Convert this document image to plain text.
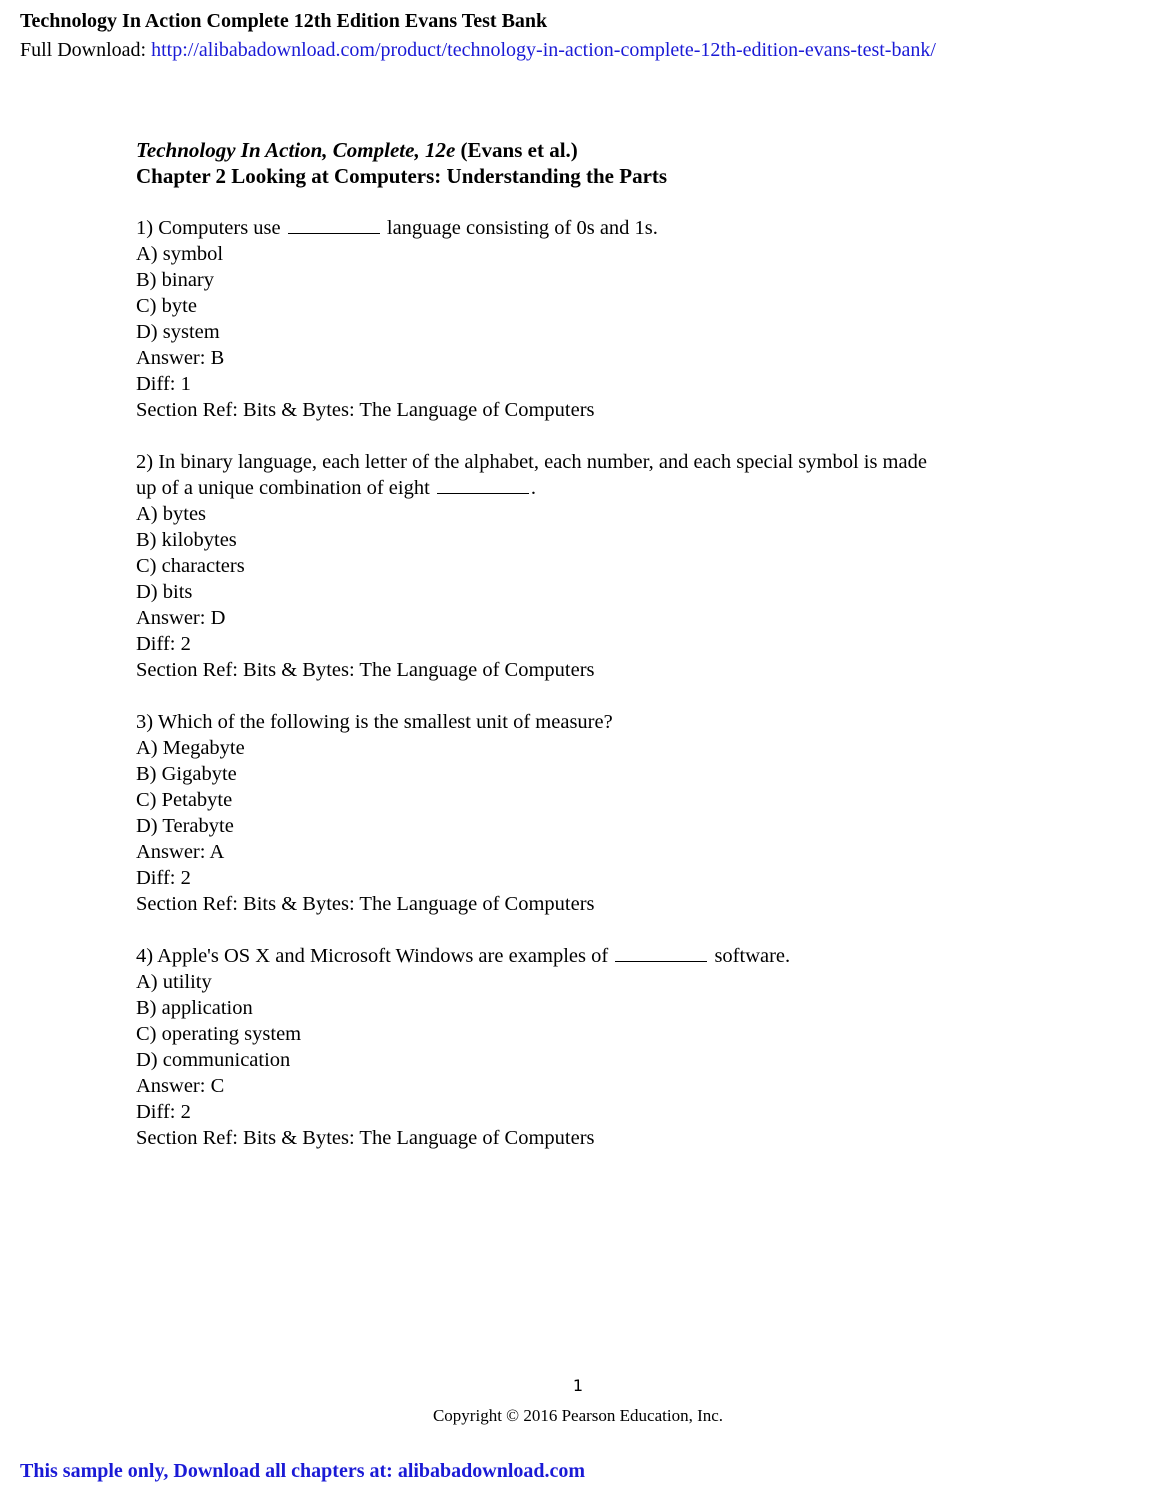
Technology In Action Complete 12th Edition Evans Test Bank
Full Download: http://alibabadownload.com/product/technology-in-action-complete-12th-edition-evans-test-bank/
Technology In Action, Complete, 12e (Evans et al.)
Chapter 2 Looking at Computers: Understanding the Parts
1) Computers use	language consisting of 0s and 1s.
A) symbol
B) binary
C) byte
D) system
Answer: B
Diff: 1
Section Ref: Bits & Bytes: The Language of Computers
2) In binary language, each letter of the alphabet, each number, and each special symbol is made
up of a unique combination of eight	.
A) bytes
B) kilobytes
C) characters
D) bits
Answer: D
Diff: 2
Section Ref: Bits & Bytes: The Language of Computers
3) Which of the following is the smallest unit of measure?
A) Megabyte
B) Gigabyte
C) Petabyte
D) Terabyte
Answer: A
Diff: 2
Section Ref: Bits & Bytes: The Language of Computers
4) Apple's OS X and Microsoft Windows are examples of	software.
A) utility
B) application
C) operating system
D) communication
Answer: C
Diff: 2
Section Ref: Bits & Bytes: The Language of Computers
1
Copyright © 2016 Pearson Education, Inc.
This sample only, Download all chapters at: alibabadownload.com
